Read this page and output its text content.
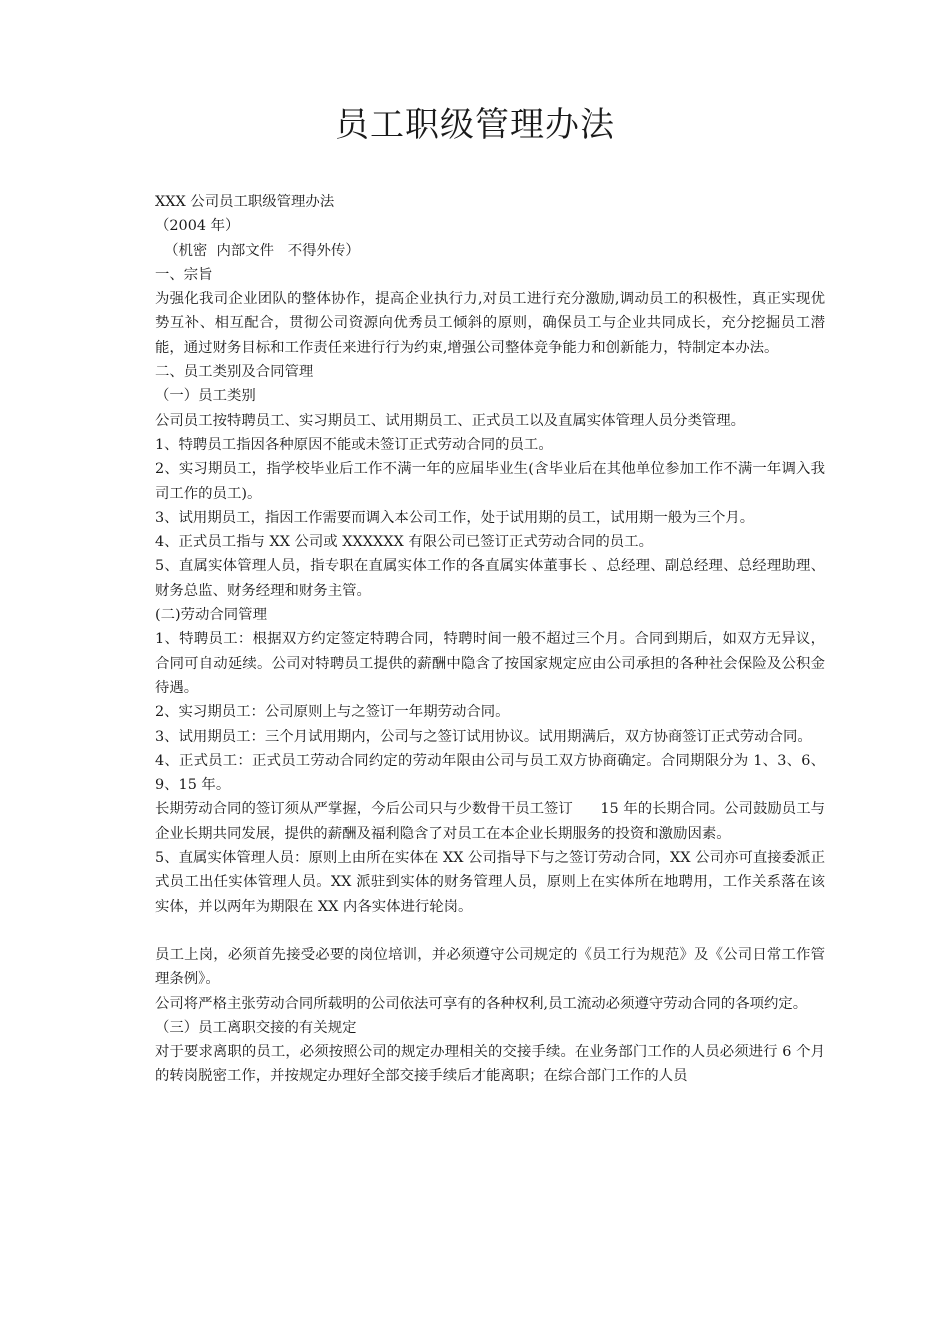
员工职级管理办法

XXX 公司员工职级管理办法

（2004 年）

（机密  内部文件   不得外传）

一、宗旨

为强化我司企业团队的整体协作，提高企业执行力,对员工进行充分激励,调动员工的积极性，真正实现优势互补、相互配合，贯彻公司资源向优秀员工倾斜的原则，确保员工与企业共同成长，充分挖掘员工潜能，通过财务目标和工作责任来进行行为约束,增强公司整体竞争能力和创新能力，特制定本办法。

二、员工类别及合同管理

（一）员工类别

公司员工按特聘员工、实习期员工、试用期员工、正式员工以及直属实体管理人员分类管理。

1、特聘员工指因各种原因不能或未签订正式劳动合同的员工。

2、实习期员工，指学校毕业后工作不满一年的应届毕业生(含毕业后在其他单位参加工作不满一年调入我司工作的员工)。

3、试用期员工，指因工作需要而调入本公司工作，处于试用期的员工，试用期一般为三个月。

4、正式员工指与 XX 公司或 XXXXXX 有限公司已签订正式劳动合同的员工。

5、直属实体管理人员，指专职在直属实体工作的各直属实体董事长 、总经理、副总经理、总经理助理、财务总监、财务经理和财务主管。

(二)劳动合同管理

1、特聘员工：根据双方约定签定特聘合同，特聘时间一般不超过三个月。合同到期后，如双方无异议，合同可自动延续。公司对特聘员工提供的薪酬中隐含了按国家规定应由公司承担的各种社会保险及公积金待遇。

2、实习期员工：公司原则上与之签订一年期劳动合同。

3、试用期员工：三个月试用期内，公司与之签订试用协议。试用期满后，双方协商签订正式劳动合同。

4、正式员工：正式员工劳动合同约定的劳动年限由公司与员工双方协商确定。合同期限分为 1、3、6、9、15 年。

长期劳动合同的签订须从严掌握，今后公司只与少数骨干员工签订      15 年的长期合同。公司鼓励员工与企业长期共同发展，提供的薪酬及福利隐含了对员工在本企业长期服务的投资和激励因素。

5、直属实体管理人员：原则上由所在实体在 XX 公司指导下与之签订劳动合同，XX 公司亦可直接委派正式员工出任实体管理人员。XX 派驻到实体的财务管理人员，原则上在实体所在地聘用，工作关系落在该实体，并以两年为期限在 XX 内各实体进行轮岗。

员工上岗，必须首先接受必要的岗位培训，并必须遵守公司规定的《员工行为规范》及《公司日常工作管理条例》。

公司将严格主张劳动合同所载明的公司依法可享有的各种权利,员工流动必须遵守劳动合同的各项约定。

（三）员工离职交接的有关规定

对于要求离职的员工，必须按照公司的规定办理相关的交接手续。在业务部门工作的人员必须进行 6 个月的转岗脱密工作，并按规定办理好全部交接手续后才能离职；在综合部门工作的人员
